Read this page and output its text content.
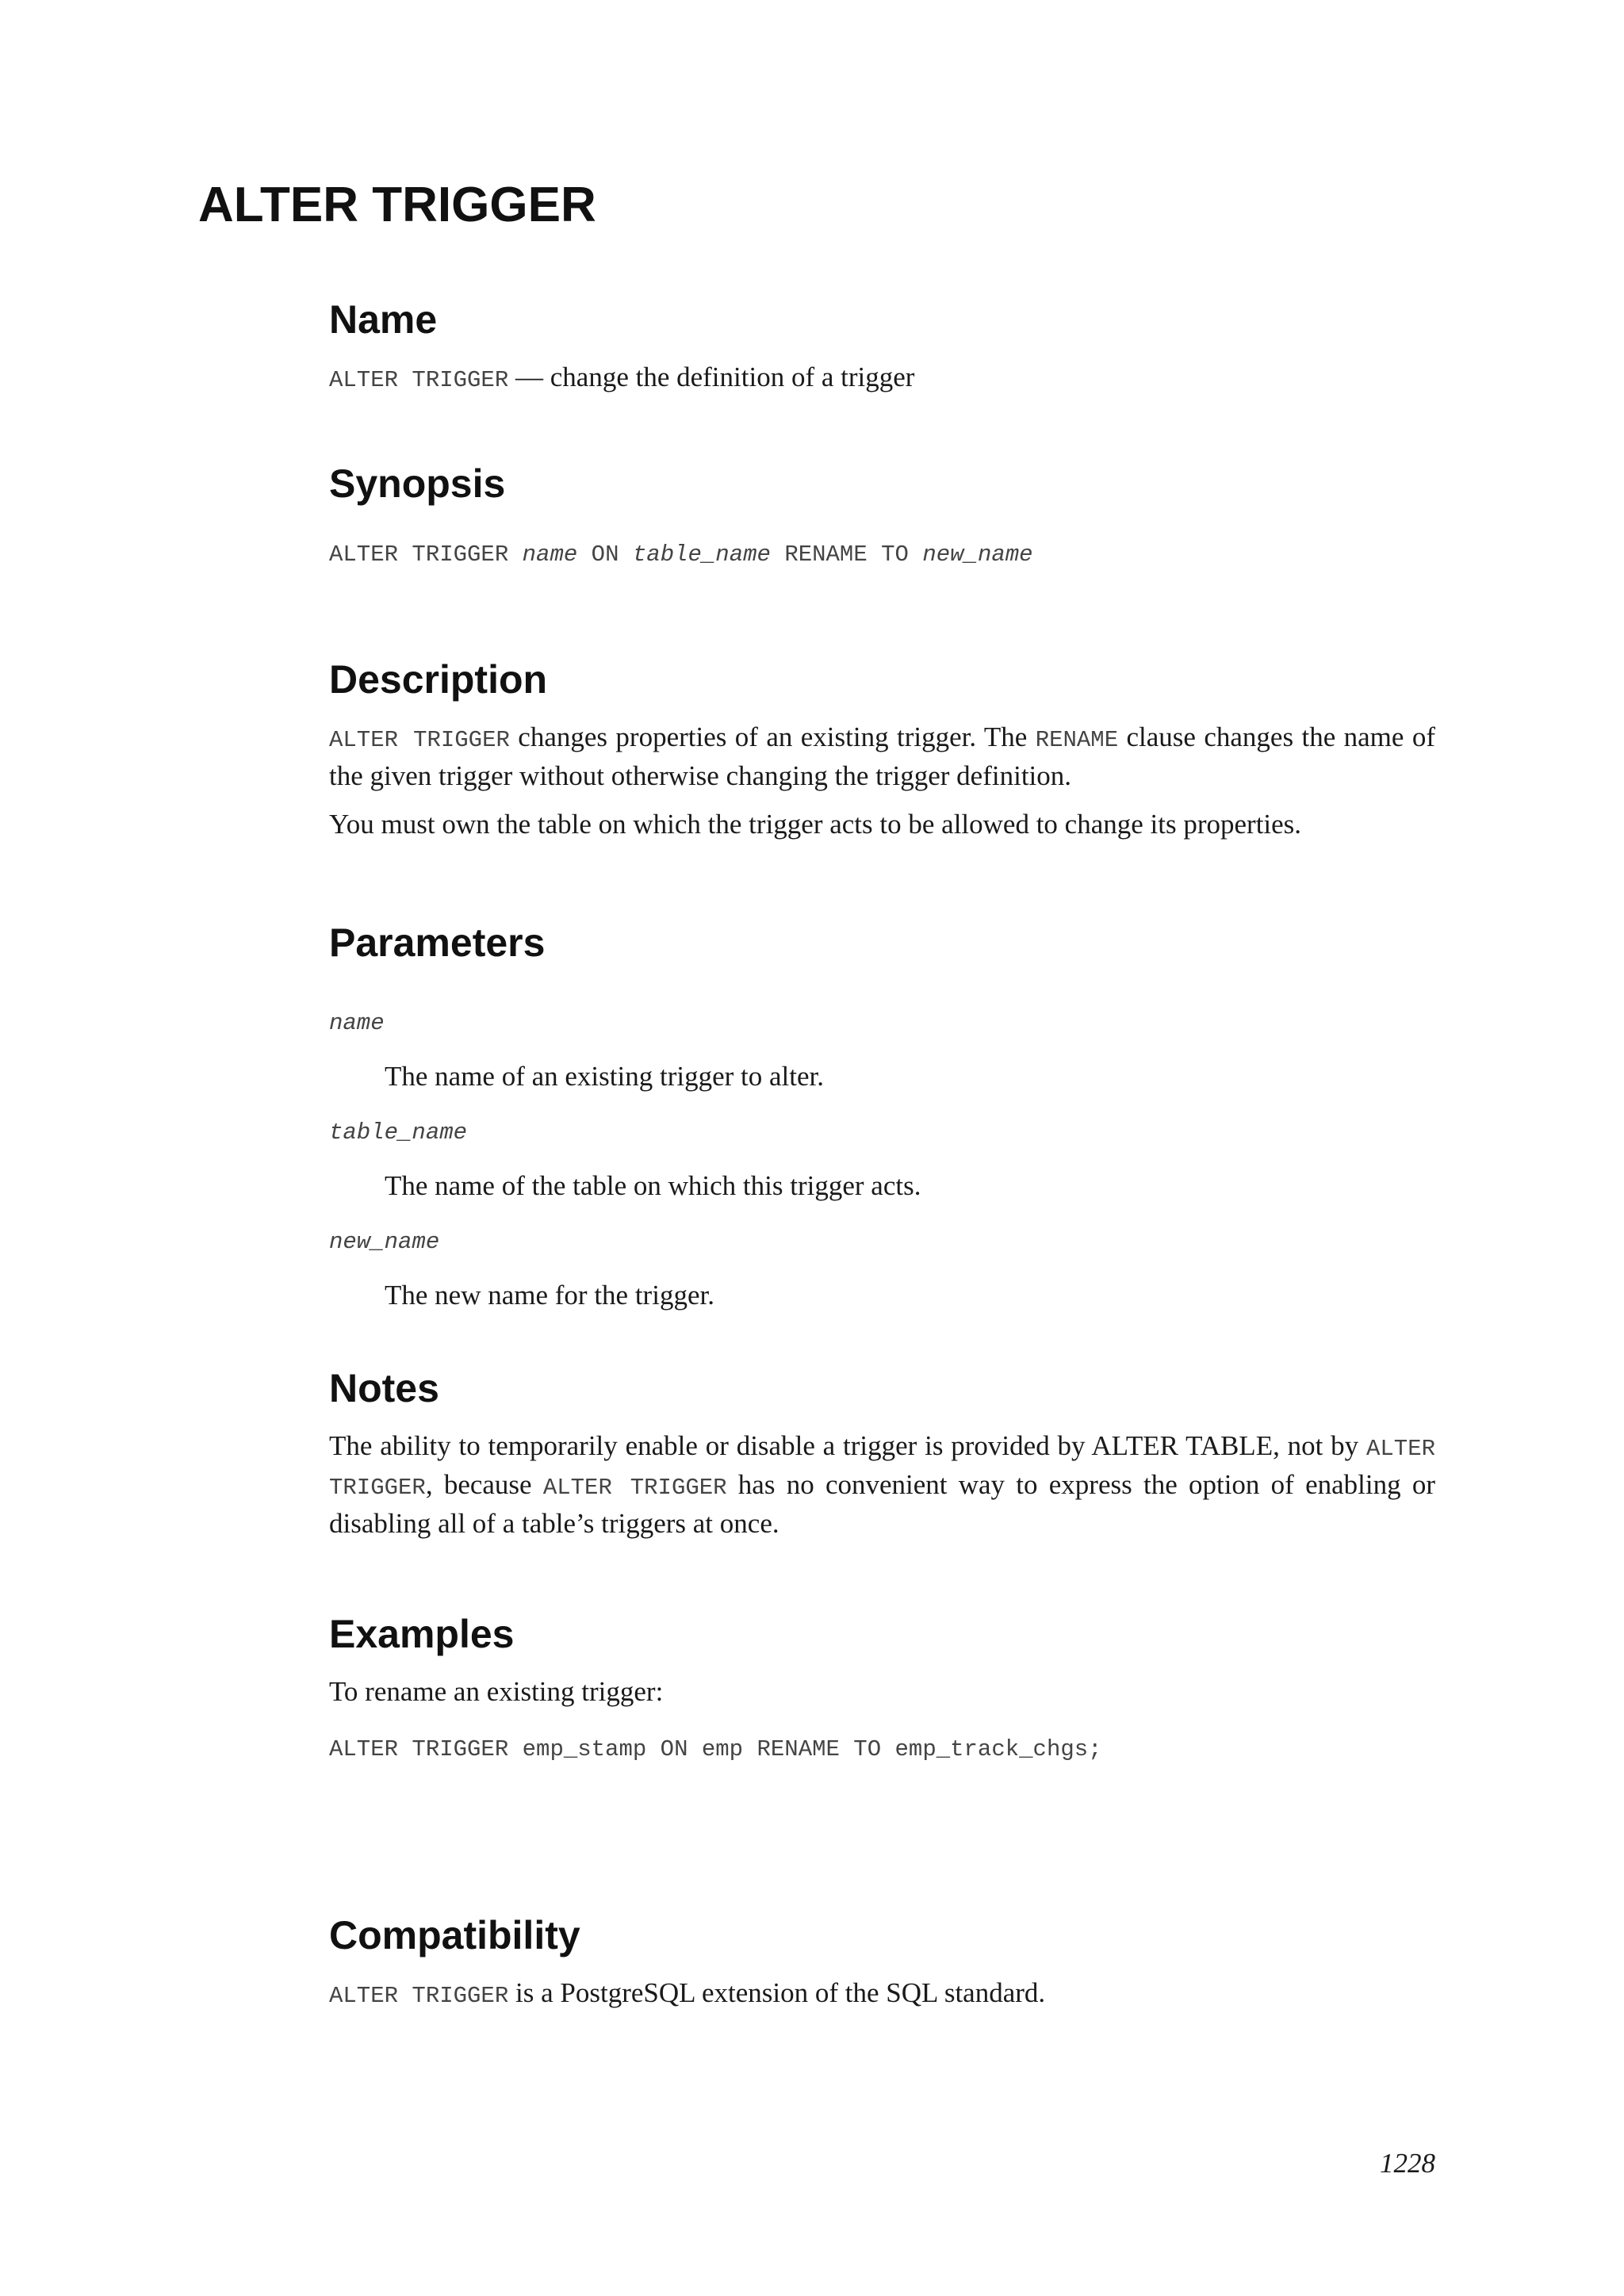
ALTER TRIGGER
Name

ALTER TRIGGER — change the definition of a trigger

Synopsis

ALTER TRIGGER name ON table_name RENAME TO new_name

Description

ALTER TRIGGER changes properties of an existing trigger. The RENAME clause changes the name of the given trigger without otherwise changing the trigger definition.

You must own the table on which the trigger acts to be allowed to change its properties.

Parameters

name

The name of an existing trigger to alter.

table_name

The name of the table on which this trigger acts.

new_name

The new name for the trigger.

Notes

The ability to temporarily enable or disable a trigger is provided by ALTER TABLE, not by ALTER TRIGGER, because ALTER TRIGGER has no convenient way to express the option of enabling or disabling all of a table’s triggers at once.

Examples

To rename an existing trigger:

ALTER TRIGGER emp_stamp ON emp RENAME TO emp_track_chgs;

Compatibility

ALTER TRIGGER is a PostgreSQL extension of the SQL standard.

1228
